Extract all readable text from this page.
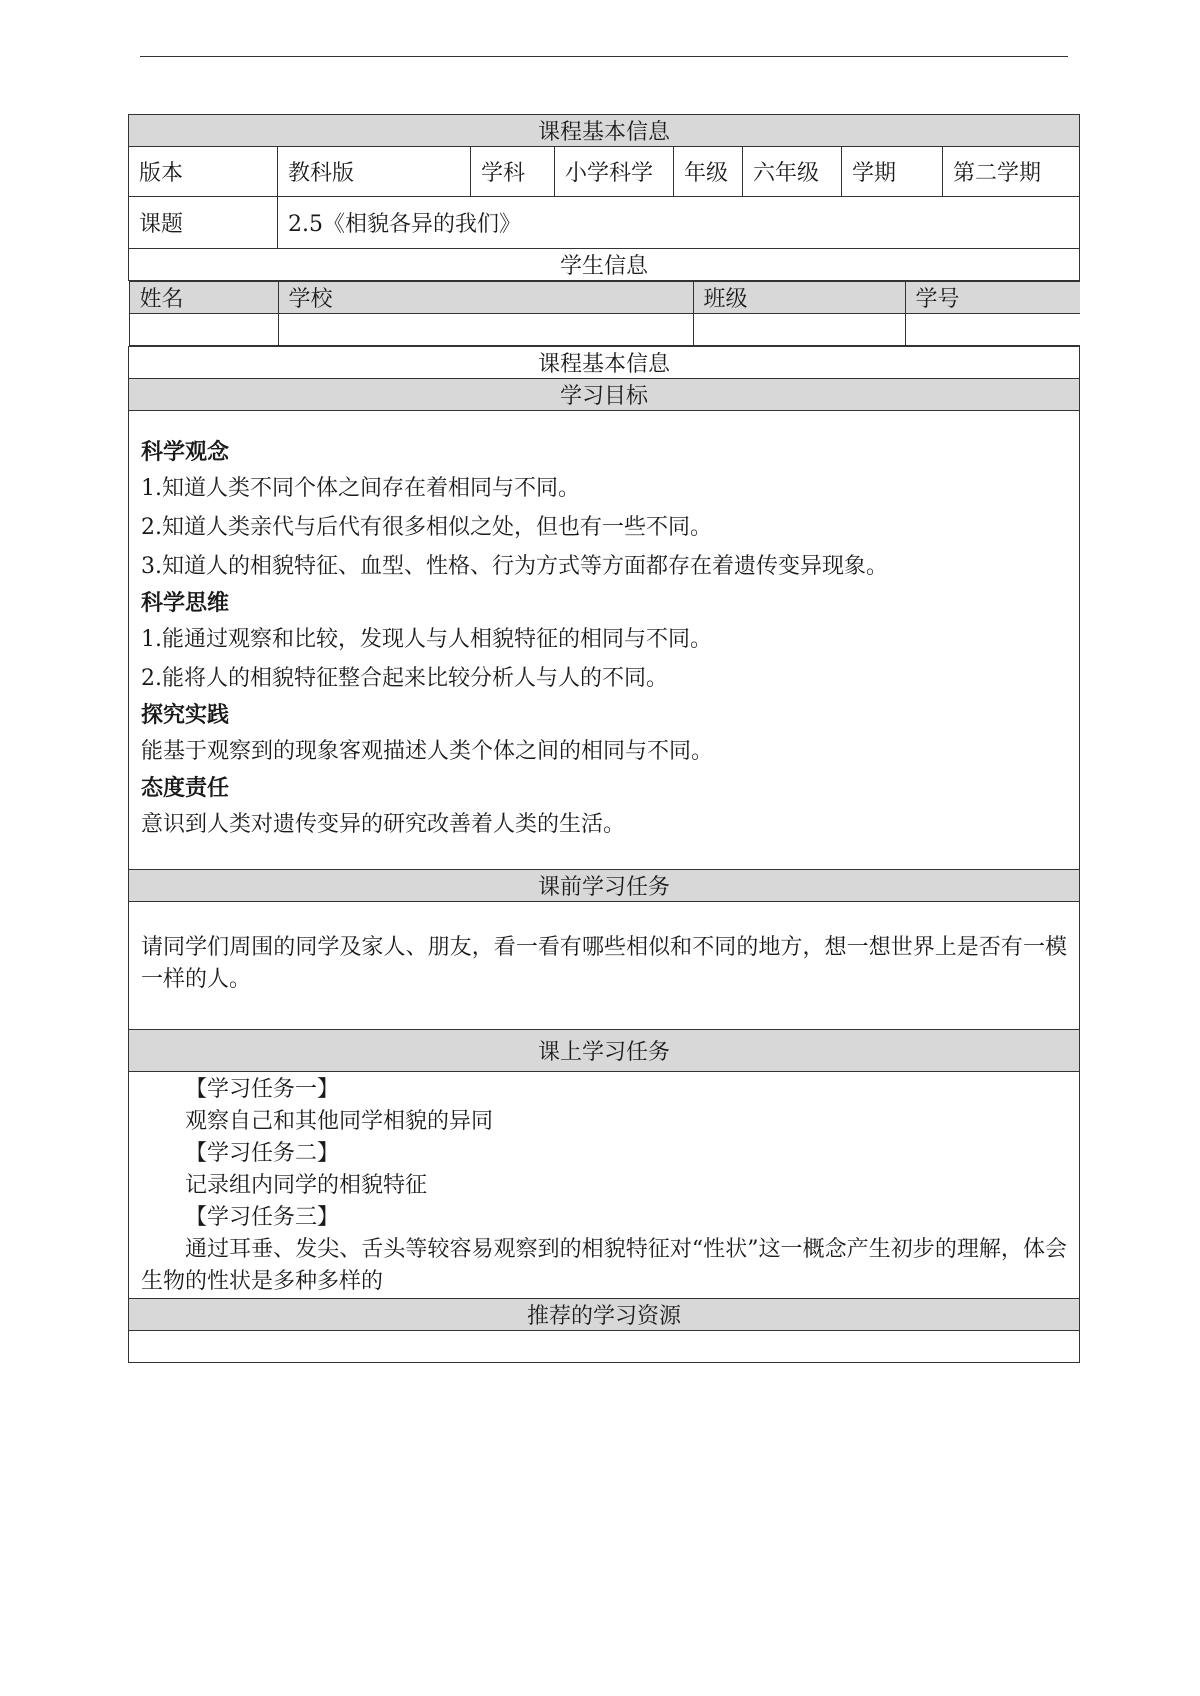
课程基本信息
版本	教科版	学科	小学科学	年级	六年级	学期	第二学期
课题	2.5《相貌各异的我们》
学生信息

姓名	学校	班级	学号

课程基本信息
学习目标

科学观念

1.知道人类不同个体之间存在着相同与不同。

2.知道人类亲代与后代有很多相似之处，但也有一些不同。

3.知道人的相貌特征、血型、性格、行为方式等方面都存在着遗传变异现象。

科学思维

1.能通过观察和比较，发现人与人相貌特征的相同与不同。

2.能将人的相貌特征整合起来比较分析人与人的不同。

探究实践

能基于观察到的现象客观描述人类个体之间的相同与不同。

态度责任

意识到人类对遗传变异的研究改善着人类的生活。

课前学习任务

请同学们周围的同学及家人、朋友，看一看有哪些相似和不同的地方，想一想世界上是否有一模一样的人。

课上学习任务

【学习任务一】

观察自己和其他同学相貌的异同

【学习任务二】

记录组内同学的相貌特征

【学习任务三】

通过耳垂、发尖、舌头等较容易观察到的相貌特征对“性状”这一概念产生初步的理解，体会生物的性状是多种多样的

推荐的学习资源
